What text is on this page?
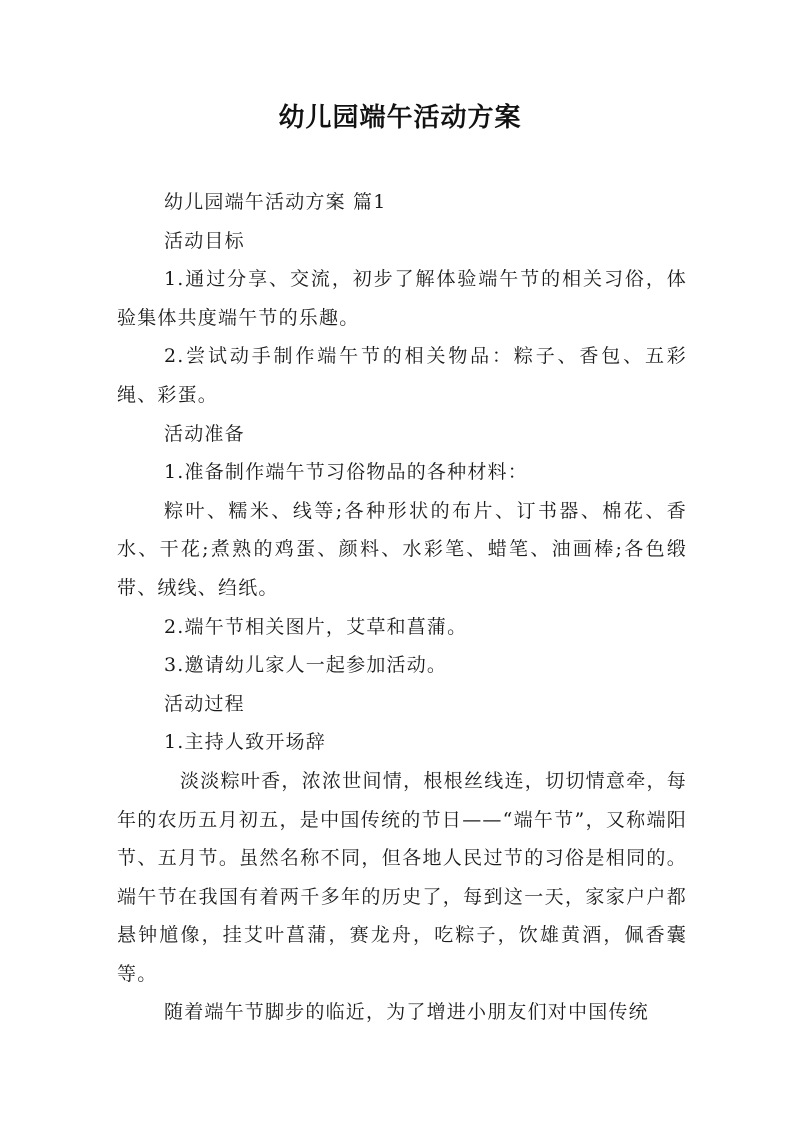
幼儿园端午活动方案

幼儿园端午活动方案 篇1

活动目标

1.通过分享、交流，初步了解体验端午节的相关习俗，体验集体共度端午节的乐趣。

2.尝试动手制作端午节的相关物品：粽子、香包、五彩绳、彩蛋。

活动准备

1.准备制作端午节习俗物品的各种材料：

粽叶、糯米、线等;各种形状的布片、订书器、棉花、香水、干花;煮熟的鸡蛋、颜料、水彩笔、蜡笔、油画棒;各色缎带、绒线、绉纸。

2.端午节相关图片，艾草和菖蒲。

3.邀请幼儿家人一起参加活动。

活动过程

1.主持人致开场辞

淡淡粽叶香，浓浓世间情，根根丝线连，切切情意牵，每年的农历五月初五，是中国传统的节日——“端午节”，又称端阳节、五月节。虽然名称不同，但各地人民过节的习俗是相同的。端午节在我国有着两千多年的历史了，每到这一天，家家户户都悬钟馗像，挂艾叶菖蒲，赛龙舟，吃粽子，饮雄黄酒，佩香囊等。

随着端午节脚步的临近，为了增进小朋友们对中国传统
